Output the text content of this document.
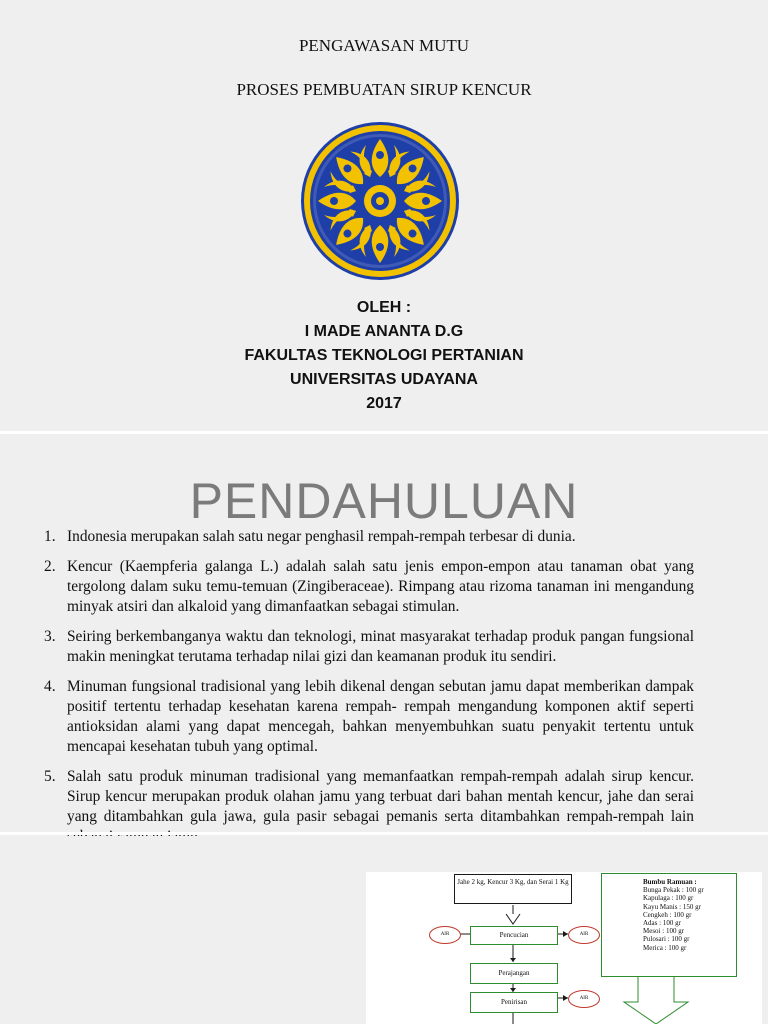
PENGAWASAN MUTU
PROSES PEMBUATAN SIRUP KENCUR
OLEH :
I MADE ANANTA D.G
FAKULTAS TEKNOLOGI PERTANIAN
UNIVERSITAS UDAYANA
2017
PENDAHULUAN
1. Indonesia merupakan salah satu negar penghasil rempah-rempah terbesar di dunia.
2. Kencur (Kaempferia galanga L.) adalah salah satu jenis empon-empon atau tanaman obat yang tergolong dalam suku temu-temuan (Zingiberaceae). Rimpang atau rizoma tanaman ini mengandung minyak atsiri dan alkaloid yang dimanfaatkan sebagai stimulan.
3. Seiring berkembanganya waktu dan teknologi, minat masyarakat terhadap produk pangan fungsional makin meningkat terutama terhadap nilai gizi dan keamanan produk itu sendiri.
4. Minuman fungsional tradisional yang lebih dikenal dengan sebutan jamu dapat memberikan dampak positif tertentu terhadap kesehatan karena rempah- rempah mengandung komponen aktif seperti antioksidan alami yang dapat mencegah, bahkan menyembuhkan suatu penyakit tertentu untuk mencapai kesehatan tubuh yang optimal.
5. Salah satu produk minuman tradisional yang memanfaatkan rempah-rempah adalah sirup kencur. Sirup kencur merupakan produk olahan jamu yang terbuat dari bahan mentah kencur, jahe dan serai yang ditambahkan gula jawa, gula pasir sebagai pemanis serta ditambahkan rempah-rempah lain
Jahe 2 kg, Kencur 3 Kg, dan Serai 1 Kg
AIR	Pencucian	AIR
Perajangan
Penirisan	AIR
Bumbu Ramuan :
Bunga Pekak : 100 gr
Kapulaga : 100 gr
Kayu Manis : 150 gr
Cengkeh : 100 gr
Adas : 100 gr
Mesoi : 100 gr
Pulosari : 100 gr
Merica : 100 gr
